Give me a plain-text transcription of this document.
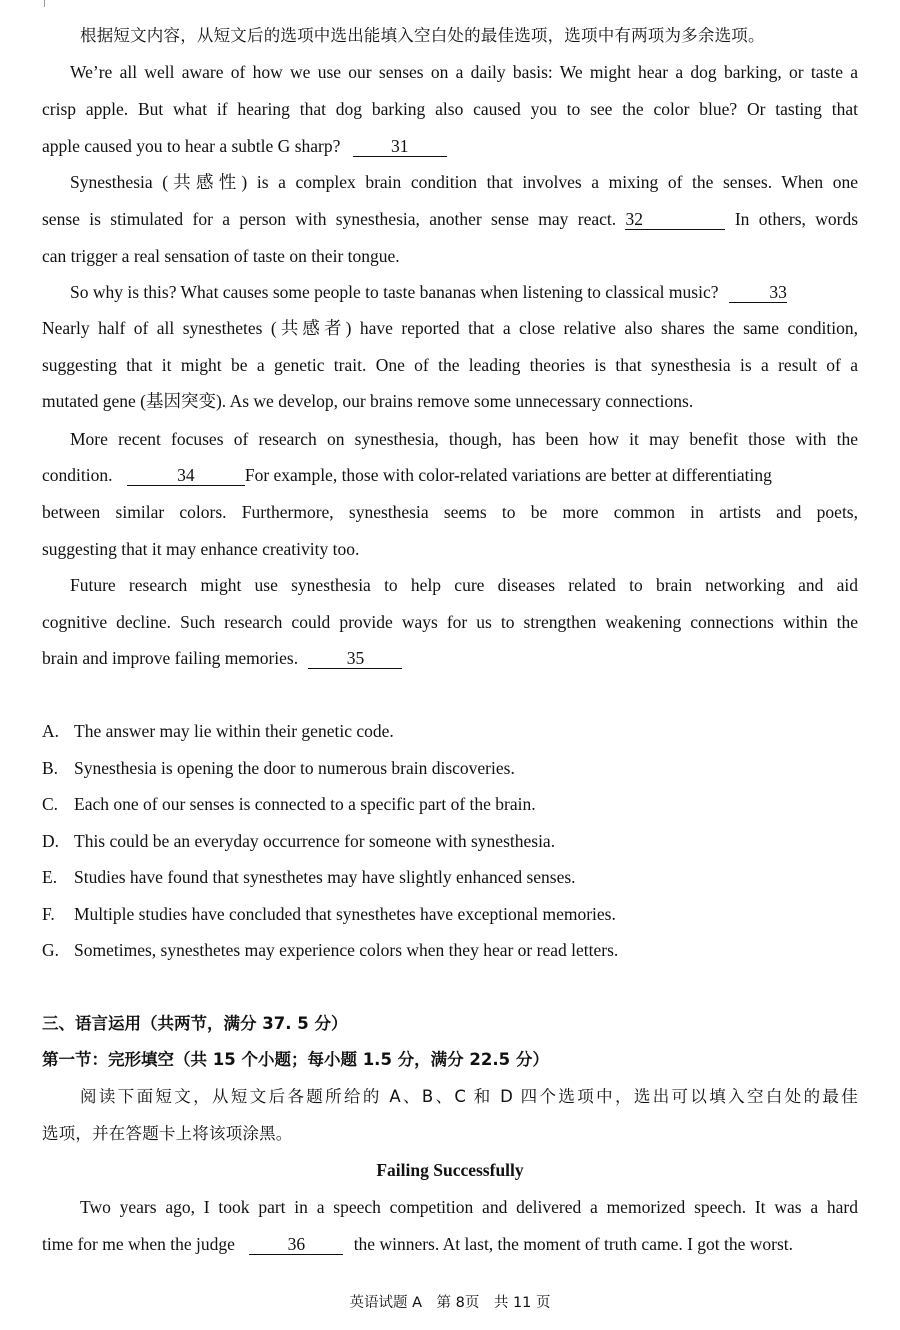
根据短文内容，从短文后的选项中选出能填入空白处的最佳选项，选项中有两项为多余选项。
We’re all well aware of how we use our senses on a daily basis: We might hear a dog barking, or taste a
crisp apple. But what if hearing that dog barking also caused you to see the color blue? Or tasting that
apple caused you to hear a subtle G sharp?	31
Synesthesia (共感性) is a complex brain condition that involves a mixing of the senses. When one
sense is stimulated for a person with synesthesia, another sense may react. 32	In others, words
can trigger a real sensation of taste on their tongue.
So why is this? What causes some people to taste bananas when listening to classical music?	33
Nearly half of all synesthetes (共感者) have reported that a close relative also shares the same condition,
suggesting that it might be a genetic trait. One of the leading theories is that synesthesia is a result of a
mutated gene (基因突变). As we develop, our brains remove some unnecessary connections.
More recent focuses of research on synesthesia, though, has been how it may benefit those with the
condition.	34	For example, those with color-related variations are better at differentiating
between similar colors. Furthermore, synesthesia seems to be more common in artists and poets,
suggesting that it may enhance creativity too.
Future research might use synesthesia to help cure diseases related to brain networking and aid
cognitive decline. Such research could provide ways for us to strengthen weakening connections within the
brain and improve failing memories.	35
A. The answer may lie within their genetic code.
B. Synesthesia is opening the door to numerous brain discoveries.
C. Each one of our senses is connected to a specific part of the brain.
D. This could be an everyday occurrence for someone with synesthesia.
E. Studies have found that synesthetes may have slightly enhanced senses.
F. Multiple studies have concluded that synesthetes have exceptional memories.
G. Sometimes, synesthetes may experience colors when they hear or read letters.
三、语言运用（共两节，满分 37. 5 分）
第一节：完形填空（共 15 个小题；每小题 1.5 分，满分 22.5 分）
阅读下面短文，从短文后各题所给的 A、B、C 和 D 四个选项中，选出可以填入空白处的最佳
选项，并在答题卡上将该项涂黑。
Failing Successfully
Two years ago, I took part in a speech competition and delivered a memorized speech. It was a hard
time for me when the judge	36	the winners. At last, the moment of truth came. I got the worst.
英语试题 A　第 8页　共 11 页
